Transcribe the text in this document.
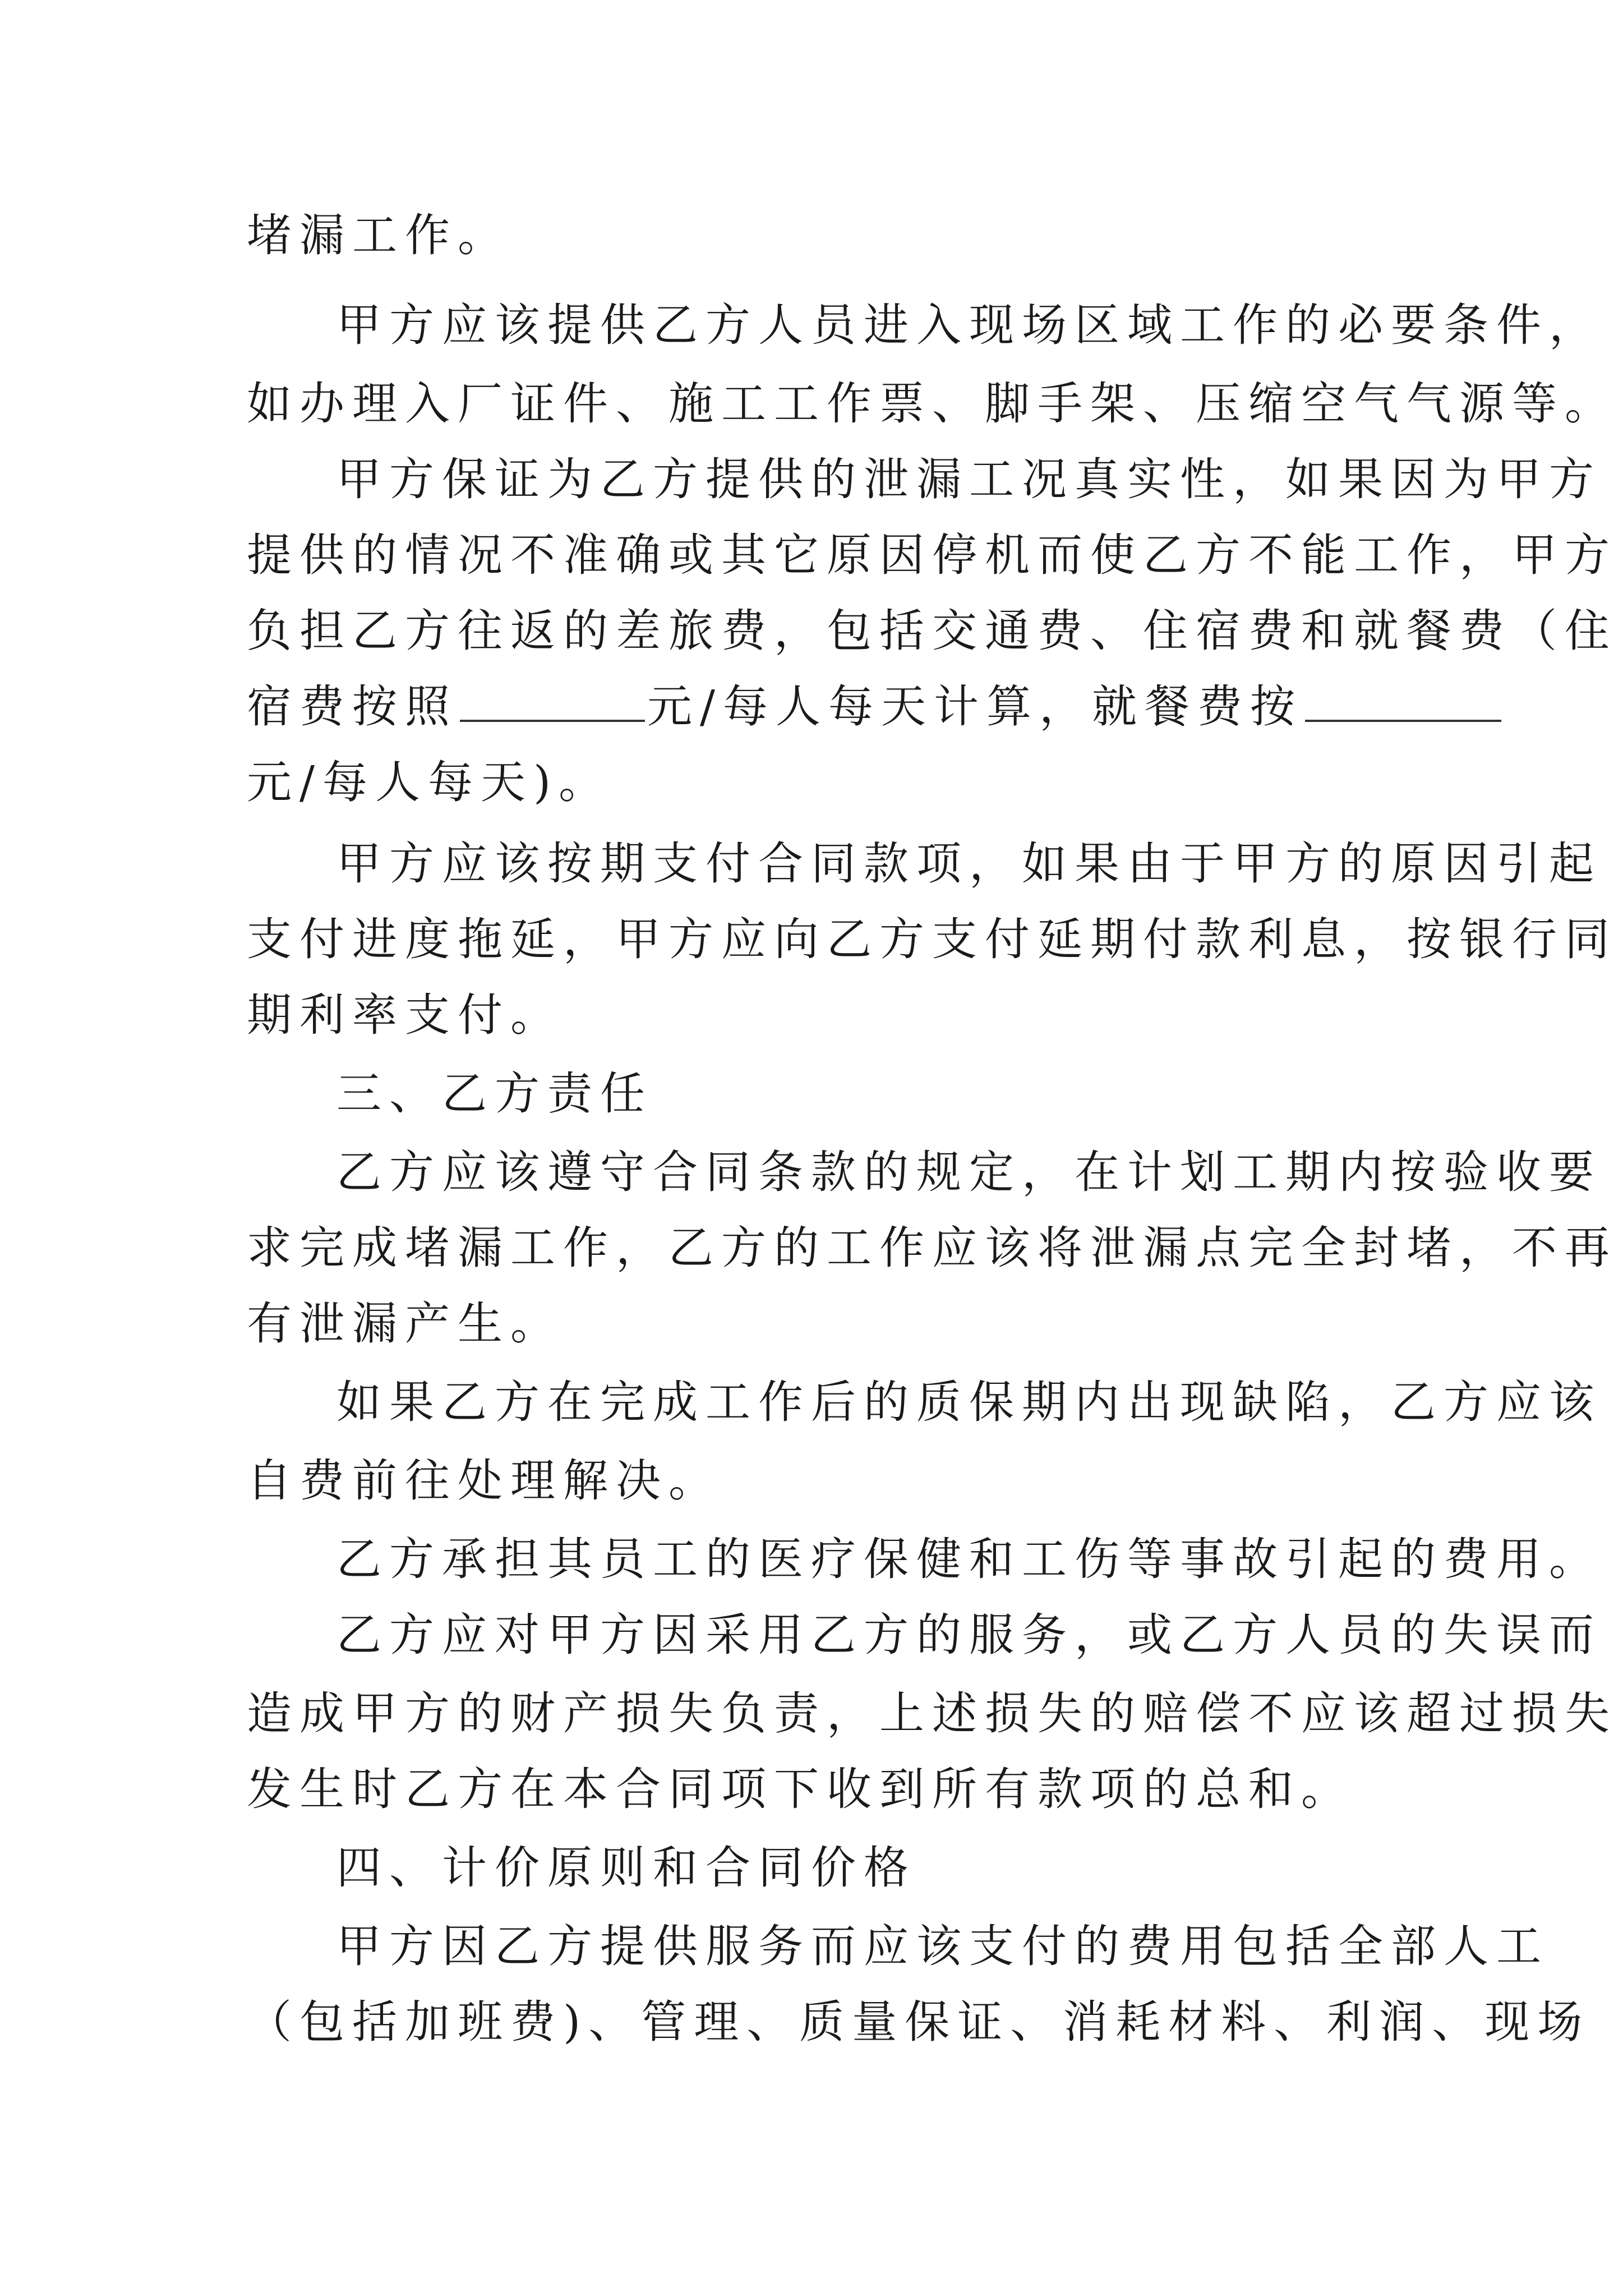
堵漏工作。
甲方应该提供乙方人员进入现场区域工作的必要条件，
如办理入厂证件、施工工作票、脚手架、压缩空气气源等。
甲方保证为乙方提供的泄漏工况真实性，如果因为甲方
提供的情况不准确或其它原因停机而使乙方不能工作，甲方
负担乙方往返的差旅费，包括交通费、住宿费和就餐费（住
宿费按照	元/每人每天计算，就餐费按
元/每人每天)。
甲方应该按期支付合同款项，如果由于甲方的原因引起
支付进度拖延，甲方应向乙方支付延期付款利息，按银行同
期利率支付。
三、乙方责任
乙方应该遵守合同条款的规定，在计划工期内按验收要
求完成堵漏工作，乙方的工作应该将泄漏点完全封堵，不再
有泄漏产生。
如果乙方在完成工作后的质保期内出现缺陷，乙方应该
自费前往处理解决。
乙方承担其员工的医疗保健和工伤等事故引起的费用。
乙方应对甲方因采用乙方的服务，或乙方人员的失误而
造成甲方的财产损失负责，上述损失的赔偿不应该超过损失
发生时乙方在本合同项下收到所有款项的总和。
四、计价原则和合同价格
甲方因乙方提供服务而应该支付的费用包括全部人工
（包括加班费)、管理、质量保证、消耗材料、利润、现场
